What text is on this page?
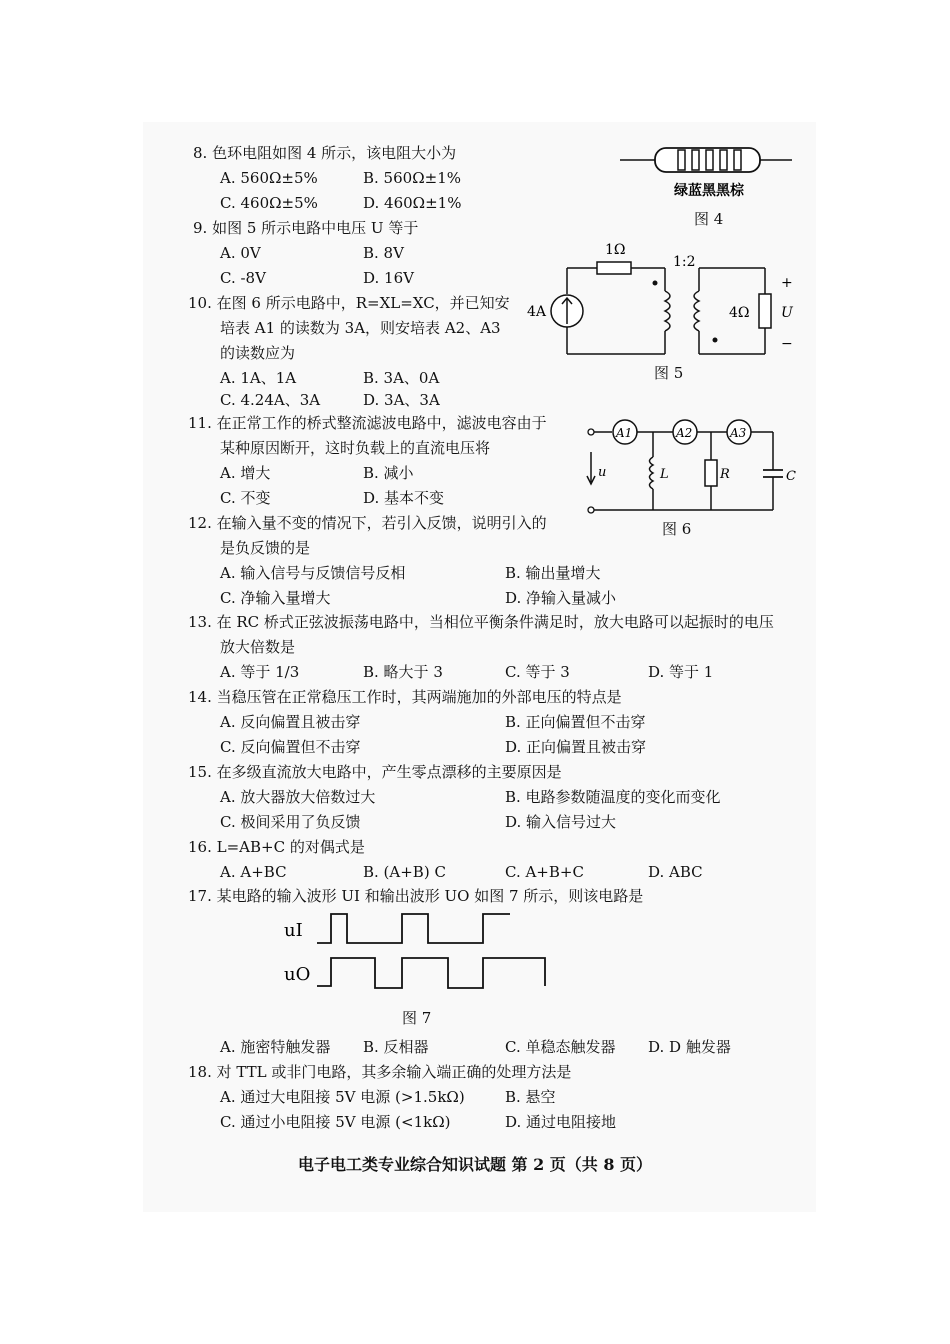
8. 色环电阻如图 4 所示，该电阻大小为
A. 560Ω±5%	B. 560Ω±1%
C. 460Ω±5%	D. 460Ω±1%
9. 如图 5 所示电路中电压 U 等于
A. 0V	B. 8V
C. -8V	D. 16V
10. 在图 6 所示电路中，R=XL=XC，并已知安
培表 A1 的读数为 3A，则安培表 A2、A3
的读数应为
A. 1A、1A	B. 3A、0A
C. 4.24A、3A	D. 3A、3A
11. 在正常工作的桥式整流滤波电路中，滤波电容由于
某种原因断开，这时负载上的直流电压将
A. 增大	B. 减小
C. 不变	D. 基本不变
12. 在输入量不变的情况下，若引入反馈，说明引入的
是负反馈的是
A. 输入信号与反馈信号反相	B. 输出量增大
C. 净输入量增大	D. 净输入量减小
13. 在 RC 桥式正弦波振荡电路中，当相位平衡条件满足时，放大电路可以起振时的电压
放大倍数是
A. 等于 1/3	B. 略大于 3	C. 等于 3	D. 等于 1
14. 当稳压管在正常稳压工作时，其两端施加的外部电压的特点是
A. 反向偏置且被击穿	B. 正向偏置但不击穿
C. 反向偏置但不击穿	D. 正向偏置且被击穿
15. 在多级直流放大电路中，产生零点漂移的主要原因是
A. 放大器放大倍数过大	B. 电路参数随温度的变化而变化
C. 极间采用了负反馈	D. 输入信号过大
16. L=AB+C 的对偶式是
A. A+BC	B. (A+B) C	C. A+B+C	D. ABC
17. 某电路的输入波形 UI 和输出波形 UO 如图 7 所示，则该电路是
A. 施密特触发器 B. 反相器	C. 单稳态触发器 D. D 触发器
18. 对 TTL 或非门电路，其多余输入端正确的处理方法是
A. 通过大电阻接 5V 电源 (>1.5kΩ)	B. 悬空
C. 通过小电阻接 5V 电源 (<1kΩ)	D. 通过电阻接地
绿蓝黑黑棕
图 4
1Ω
1:2
4A	4Ω
+
U
−
图 5
A1	A2	A3
L	R	C
u
图 6
uI
uO
图 7
电子电工类专业综合知识试题 第 2 页（共 8 页）
